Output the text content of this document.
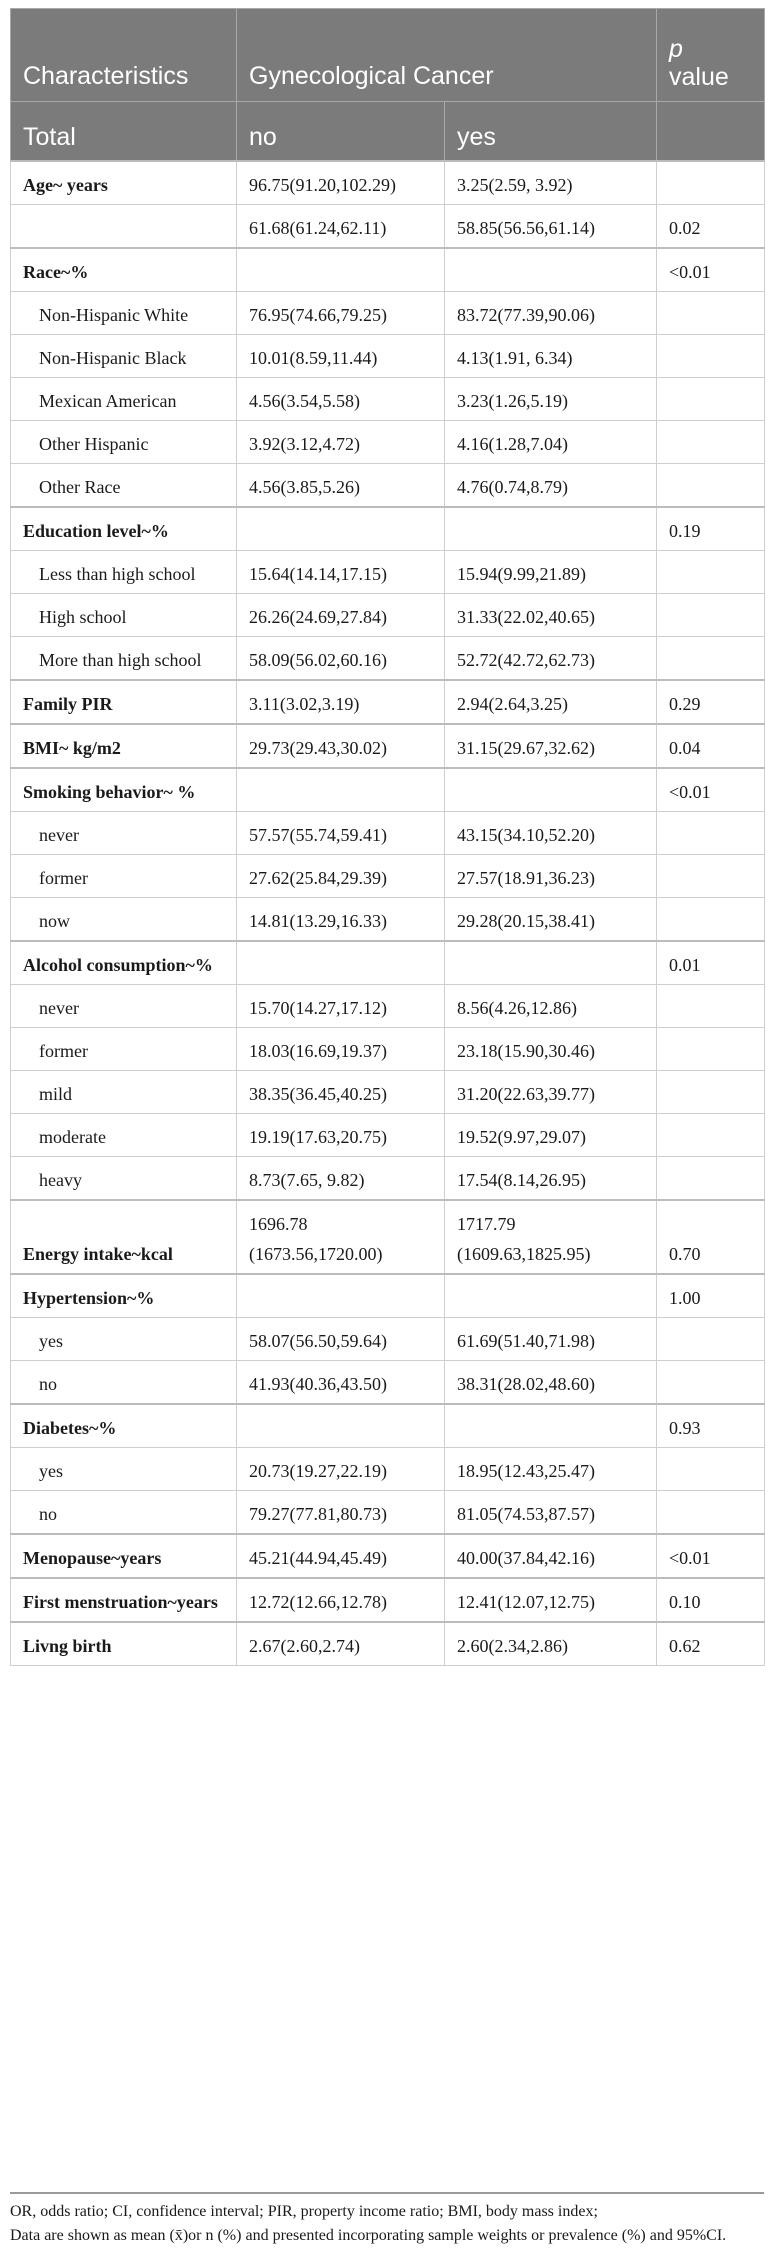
Characteristics	Gynecological Cancer		p
value

Total	no	yes	
Age~ years	96.75(91.20,102.29)	3.25(2.59, 3.92)	
	61.68(61.24,62.11)	58.85(56.56,61.14)	0.02
Race~%			<0.01
Non-Hispanic White	76.95(74.66,79.25)	83.72(77.39,90.06)	
Non-Hispanic Black	10.01(8.59,11.44)	4.13(1.91, 6.34)	
Mexican American	4.56(3.54,5.58)	3.23(1.26,5.19)	
Other Hispanic	3.92(3.12,4.72)	4.16(1.28,7.04)	
Other Race	4.56(3.85,5.26)	4.76(0.74,8.79)	
Education level~%			0.19
Less than high school	15.64(14.14,17.15)	15.94(9.99,21.89)	
High school	26.26(24.69,27.84)	31.33(22.02,40.65)	
More than high school	58.09(56.02,60.16)	52.72(42.72,62.73)	
Family PIR	3.11(3.02,3.19)	2.94(2.64,3.25)	0.29
BMI~ kg/m2	29.73(29.43,30.02)	31.15(29.67,32.62)	0.04
Smoking behavior~ %			<0.01
never	57.57(55.74,59.41)	43.15(34.10,52.20)	
former	27.62(25.84,29.39)	27.57(18.91,36.23)	
now	14.81(13.29,16.33)	29.28(20.15,38.41)	
Alcohol consumption~%			0.01
never	15.70(14.27,17.12)	8.56(4.26,12.86)	
former	18.03(16.69,19.37)	23.18(15.90,30.46)	
mild	38.35(36.45,40.25)	31.20(22.63,39.77)	
moderate	19.19(17.63,20.75)	19.52(9.97,29.07)	
heavy	8.73(7.65, 9.82)	17.54(8.14,26.95)	
Energy intake~kcal	1696.78 (1673.56,1720.00)	1717.79 (1609.63,1825.95)	0.70
Hypertension~%			1.00
yes	58.07(56.50,59.64)	61.69(51.40,71.98)	
no	41.93(40.36,43.50)	38.31(28.02,48.60)	
Diabetes~%			0.93
yes	20.73(19.27,22.19)	18.95(12.43,25.47)	
no	79.27(77.81,80.73)	81.05(74.53,87.57)	
Menopause~years	45.21(44.94,45.49)	40.00(37.84,42.16)	<0.01
First menstruation~years	12.72(12.66,12.78)	12.41(12.07,12.75)	0.10
Livng birth	2.67(2.60,2.74)	2.60(2.34,2.86)	0.62

OR, odds ratio; CI, confidence interval; PIR, property income ratio; BMI, body mass index;

Data are shown as mean (x̄)or n (%) and presented incorporating sample weights or prevalence (%) and 95%CI.
